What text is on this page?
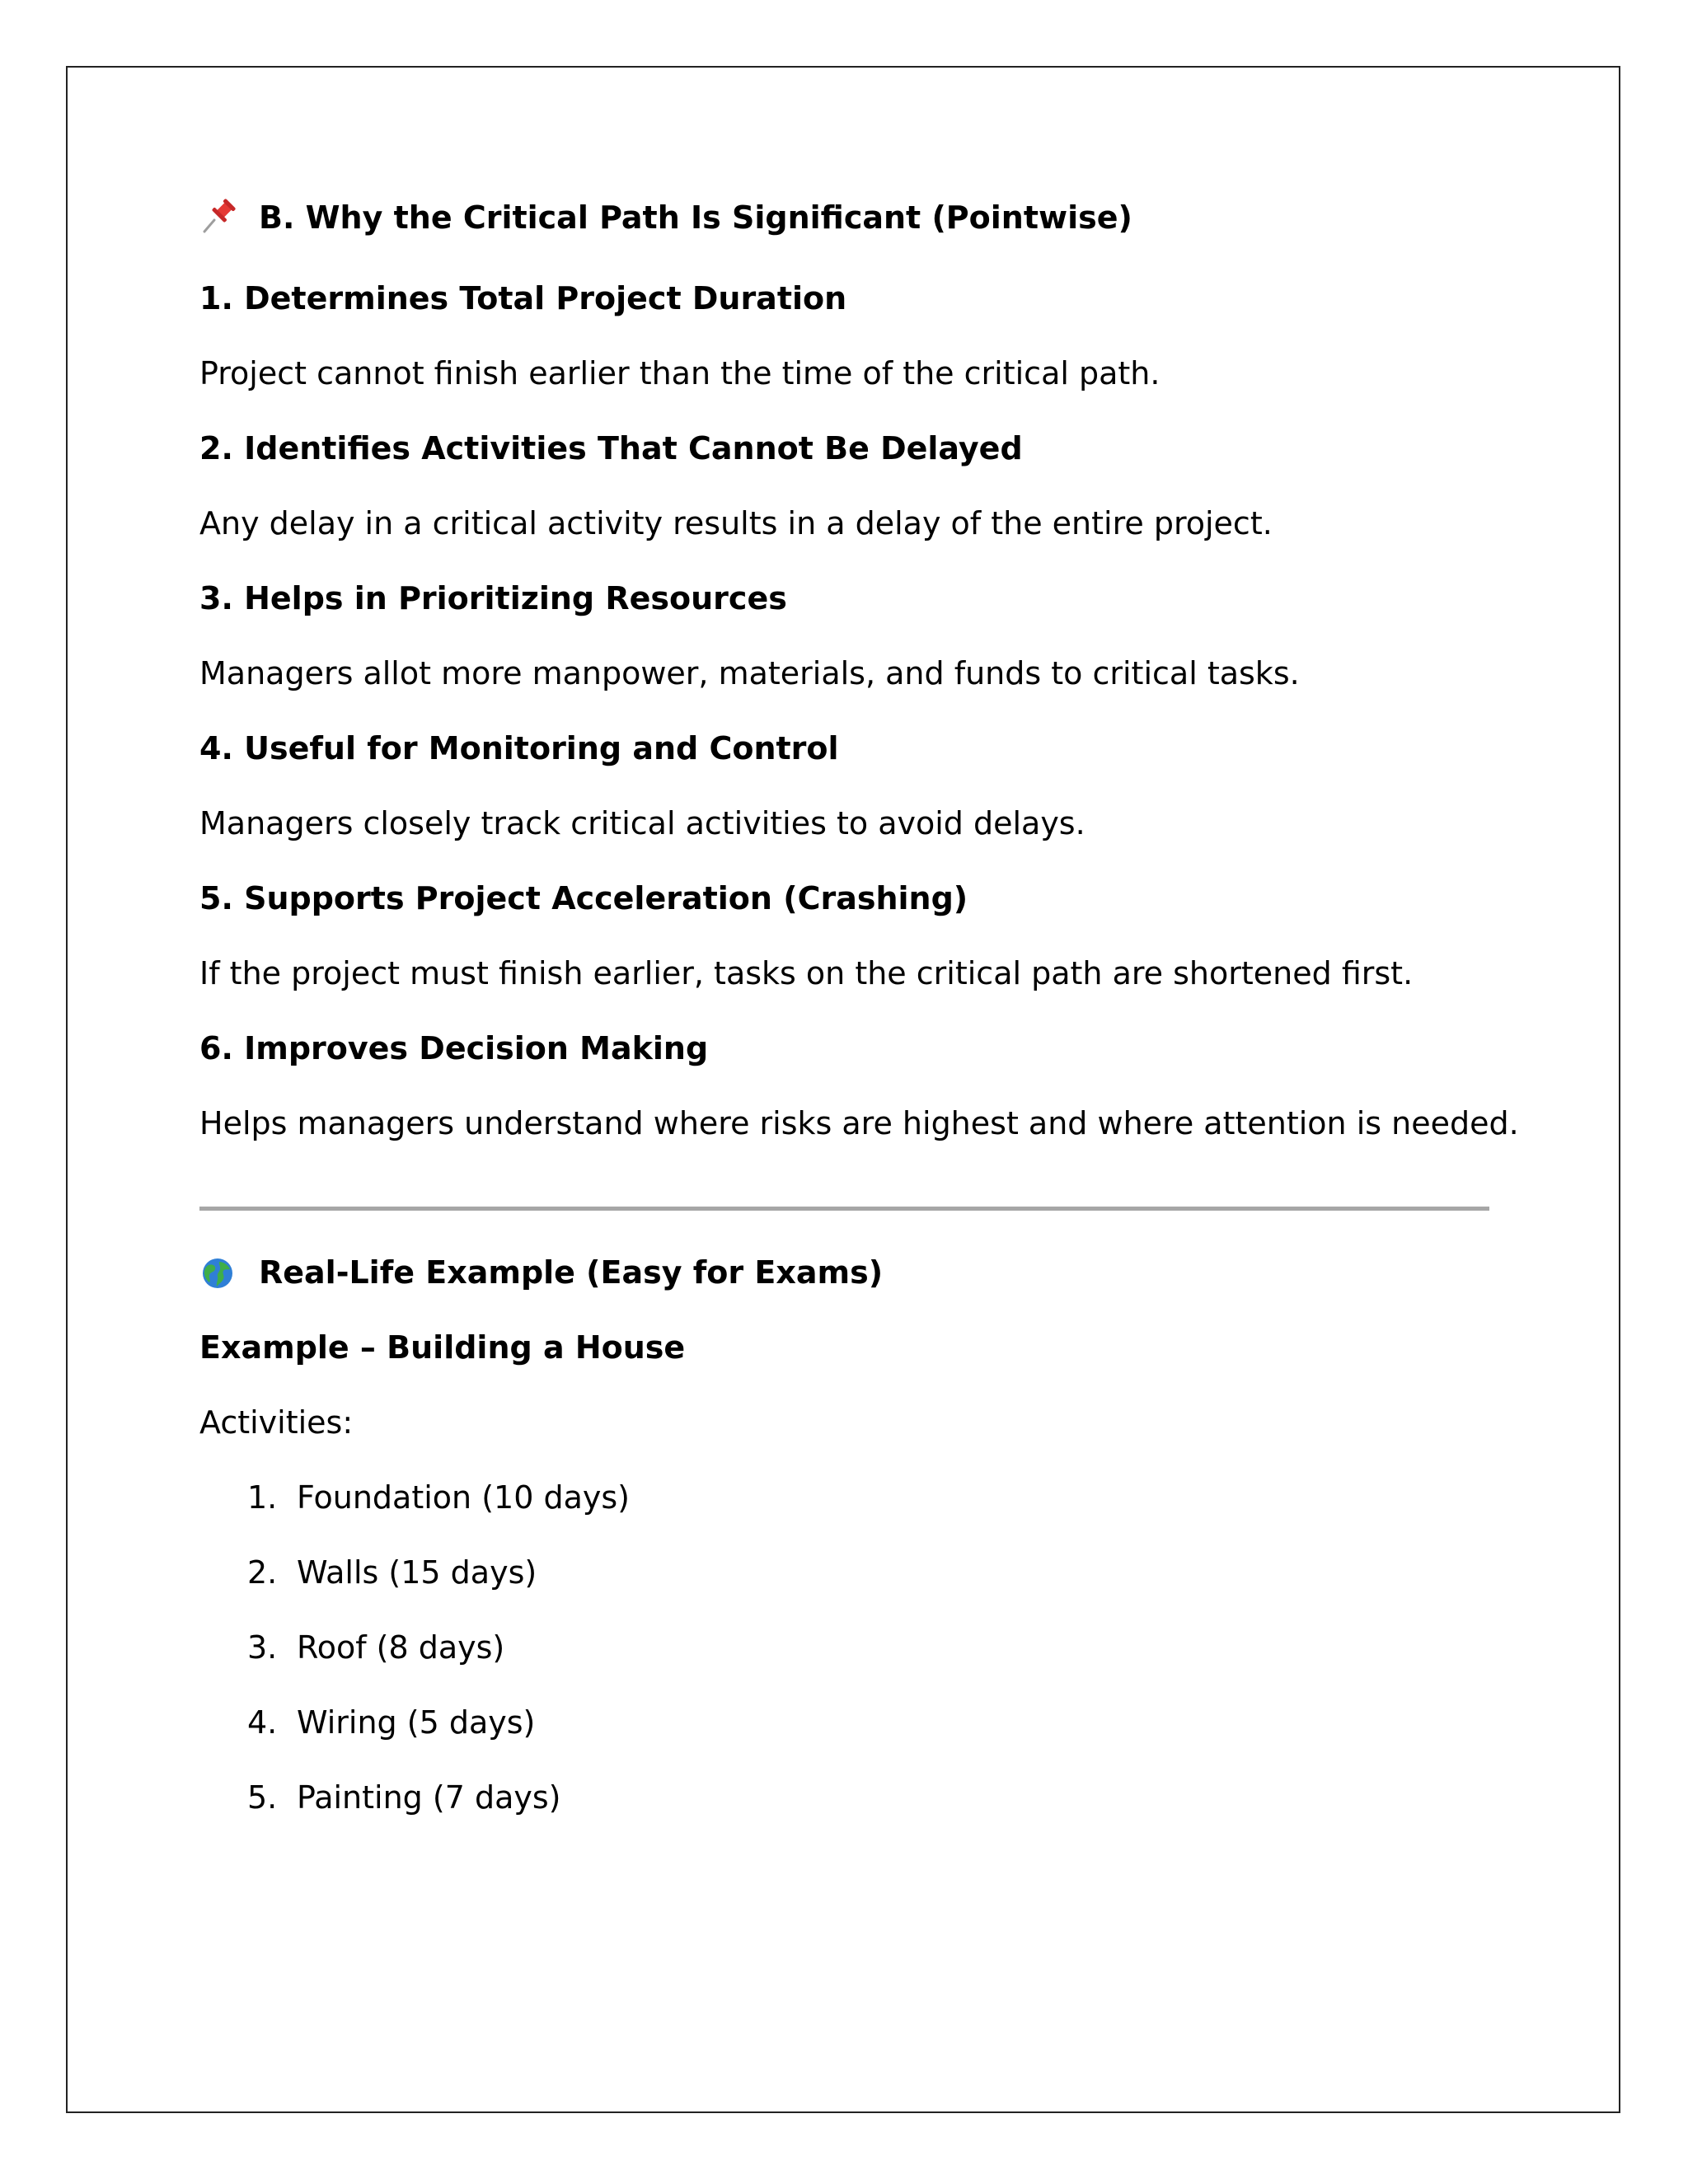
B. Why the Critical Path Is Significant (Pointwise)
1. Determines Total Project Duration
Project cannot finish earlier than the time of the critical path.
2. Identifies Activities That Cannot Be Delayed
Any delay in a critical activity results in a delay of the entire project.
3. Helps in Prioritizing Resources
Managers allot more manpower, materials, and funds to critical tasks.
4. Useful for Monitoring and Control
Managers closely track critical activities to avoid delays.
5. Supports Project Acceleration (Crashing)
If the project must finish earlier, tasks on the critical path are shortened first.
6. Improves Decision Making
Helps managers understand where risks are highest and where attention is needed.
Real-Life Example (Easy for Exams)
Example – Building a House
Activities:
1. Foundation (10 days)
2. Walls (15 days)
3. Roof (8 days)
4. Wiring (5 days)
5. Painting (7 days)
